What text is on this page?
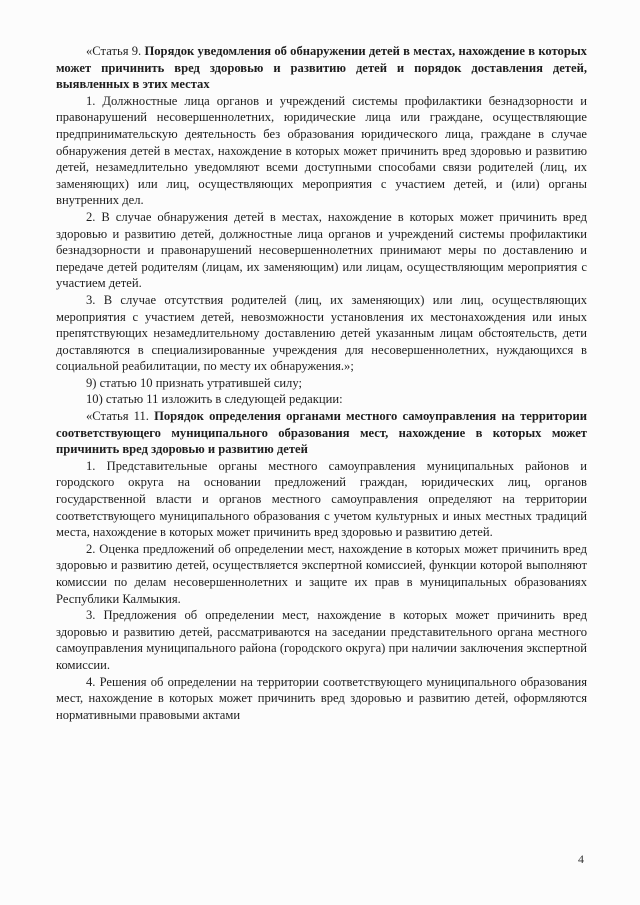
«Статья 9. Порядок уведомления об обнаружении детей в местах, нахождение в которых может причинить вред здоровью и развитию детей и порядок доставления детей, выявленных в этих местах

1. Должностные лица органов и учреждений системы профилактики безнадзорности и правонарушений несовершеннолетних, юридические лица или граждане, осуществляющие предпринимательскую деятельность без образования юридического лица, граждане в случае обнаружения детей в местах, нахождение в которых может причинить вред здоровью и развитию детей, незамедлительно уведомляют всеми доступными способами связи родителей (лиц, их заменяющих) или лиц, осуществляющих мероприятия с участием детей, и (или) органы внутренних дел.

2. В случае обнаружения детей в местах, нахождение в которых может причинить вред здоровью и развитию детей, должностные лица органов и учреждений системы профилактики безнадзорности и правонарушений несовершеннолетних принимают меры по доставлению и передаче детей родителям (лицам, их заменяющим) или лицам, осуществляющим мероприятия с участием детей.

3. В случае отсутствия родителей (лиц, их заменяющих) или лиц, осуществляющих мероприятия с участием детей, невозможности установления их местонахождения или иных препятствующих незамедлительному доставлению детей указанным лицам обстоятельств, дети доставляются в специализированные учреждения для несовершеннолетних, нуждающихся в социальной реабилитации, по месту их обнаружения.»;

9) статью 10 признать утратившей силу;

10) статью 11 изложить в следующей редакции:

«Статья 11. Порядок определения органами местного самоуправления на территории соответствующего муниципального образования мест, нахождение в которых может причинить вред здоровью и развитию детей

1. Представительные органы местного самоуправления муниципальных районов и городского округа на основании предложений граждан, юридических лиц, органов государственной власти и органов местного самоуправления определяют на территории соответствующего муниципального образования с учетом культурных и иных местных традиций места, нахождение в которых может причинить вред здоровью и развитию детей.

2. Оценка предложений об определении мест, нахождение в которых может причинить вред здоровью и развитию детей, осуществляется экспертной комиссией, функции которой выполняют комиссии по делам несовершеннолетних и защите их прав в муниципальных образованиях Республики Калмыкия.

3. Предложения об определении мест, нахождение в которых может причинить вред здоровью и развитию детей, рассматриваются на заседании представительного органа местного самоуправления муниципального района (городского округа) при наличии заключения экспертной комиссии.

4. Решения об определении на территории соответствующего муниципального образования мест, нахождение в которых может причинить вред здоровью и развитию детей, оформляются нормативными правовыми актами

4
